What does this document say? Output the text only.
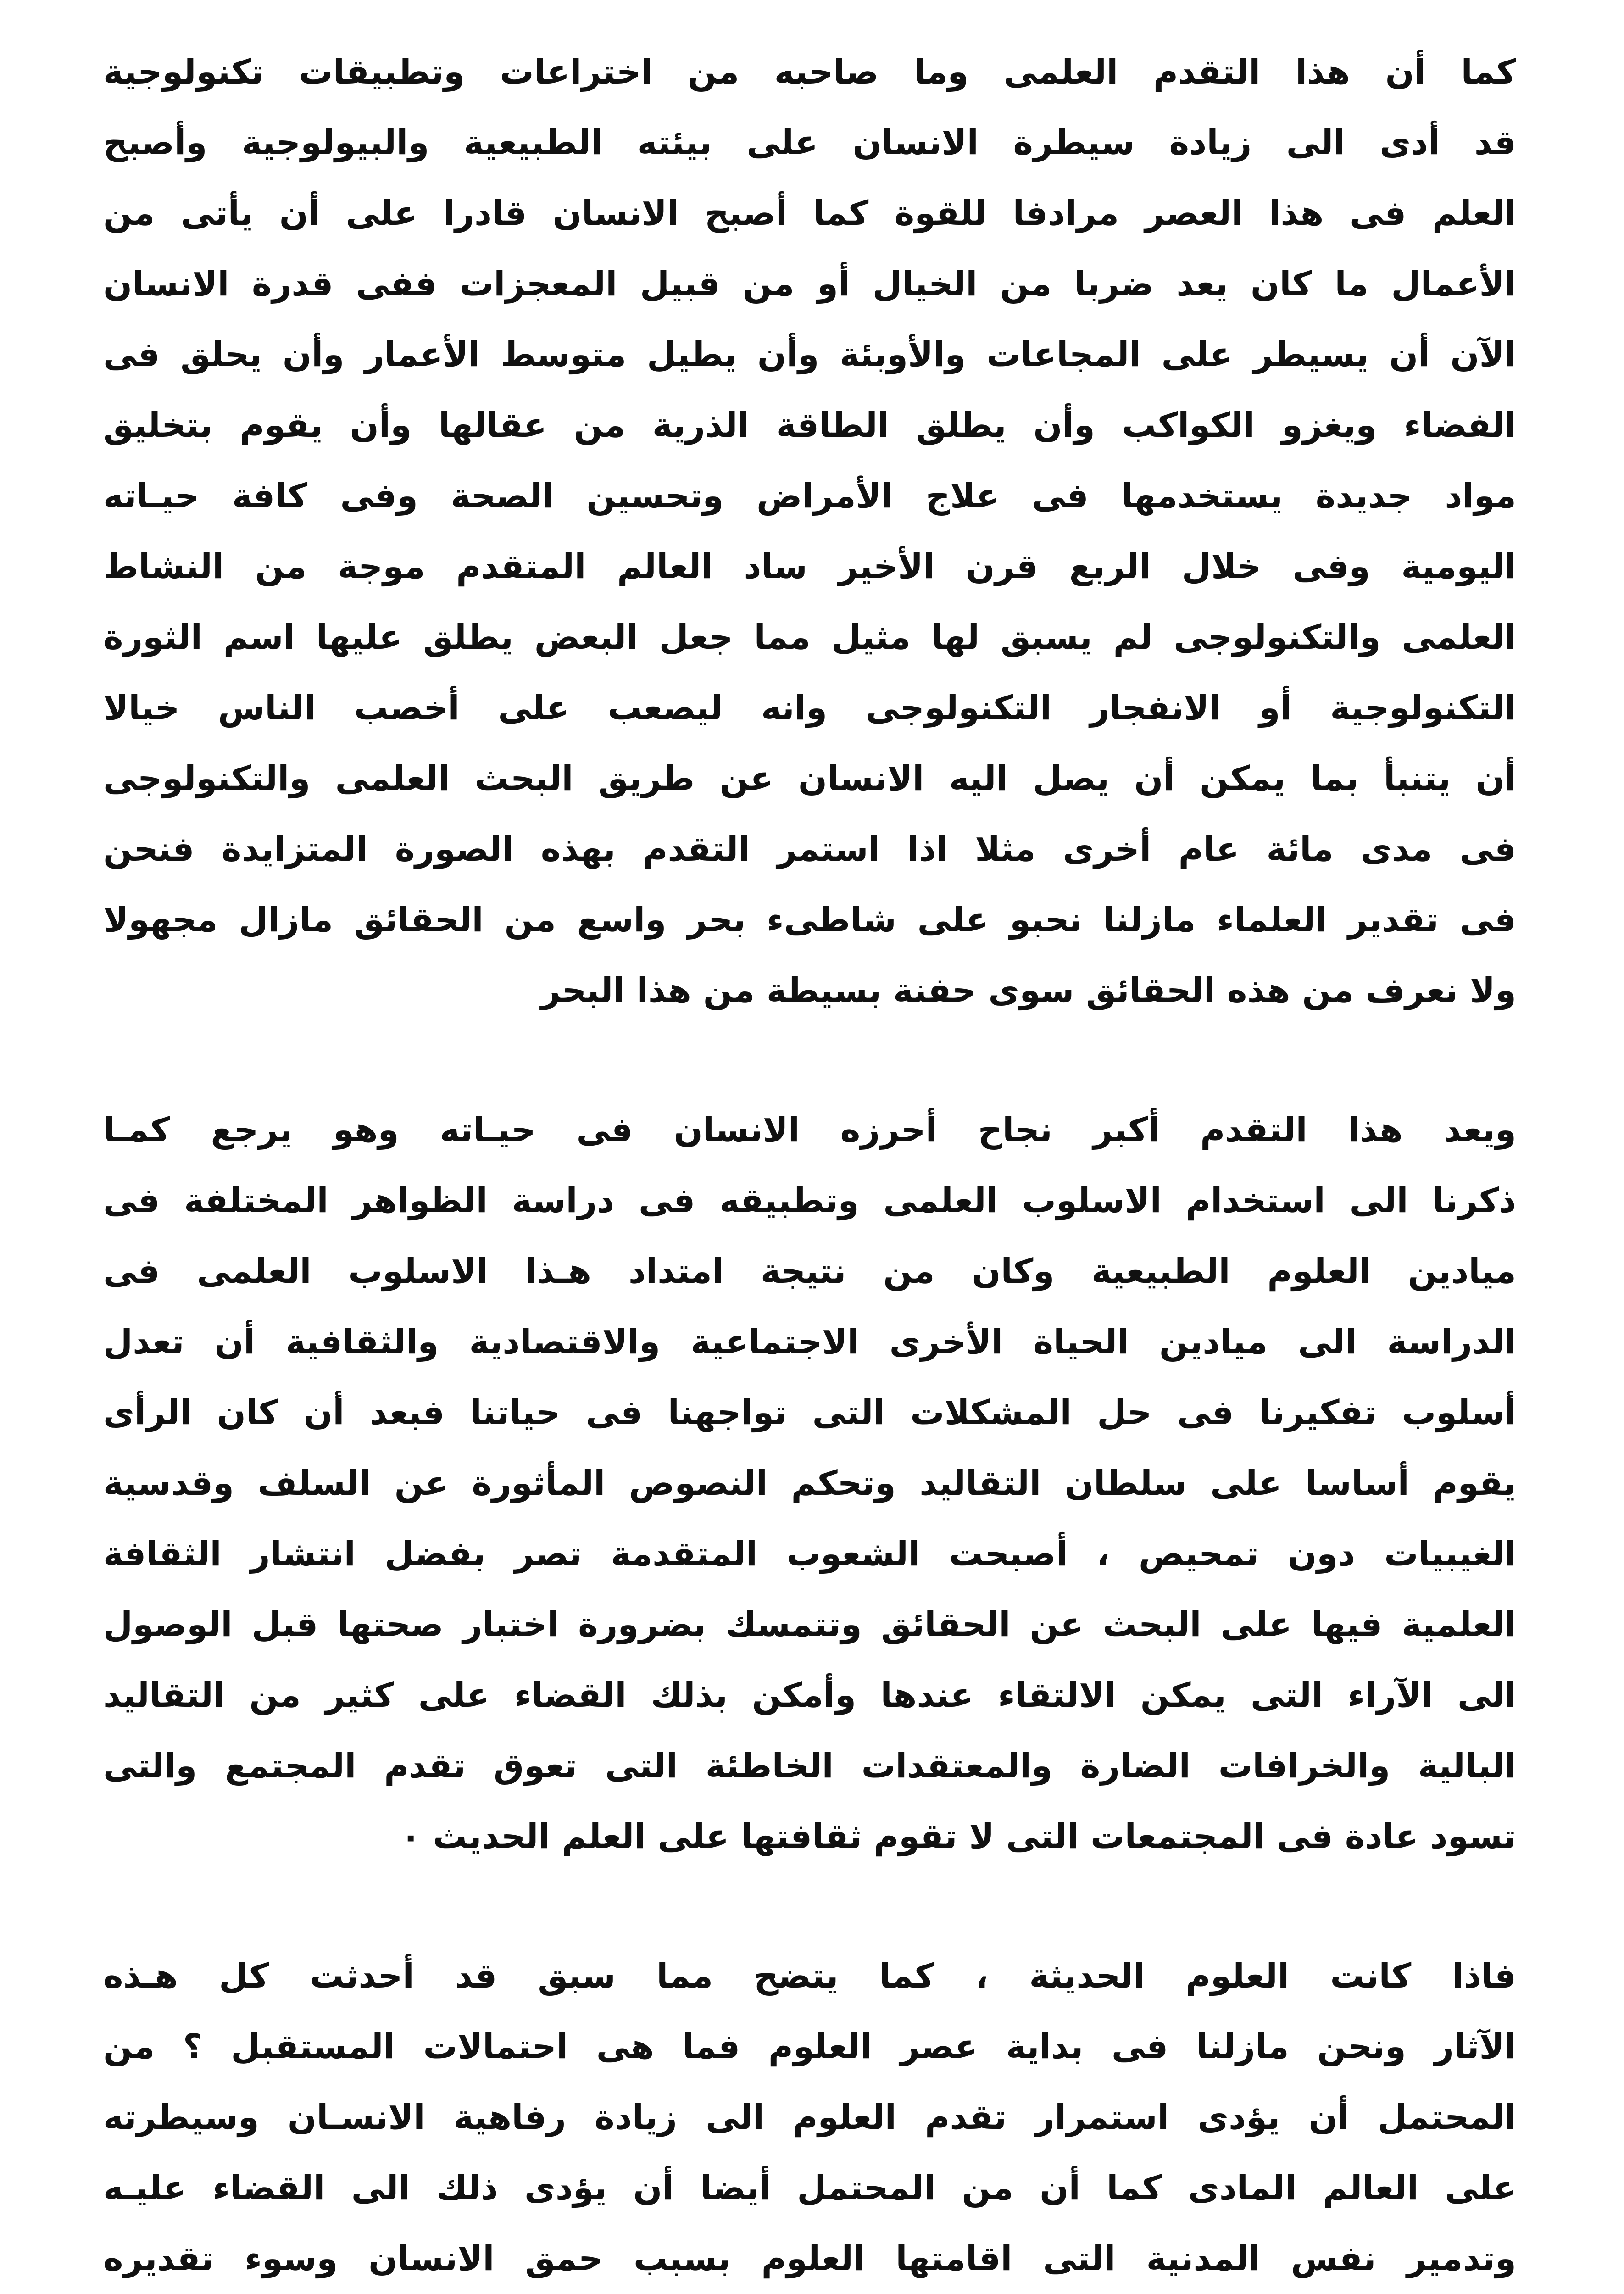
كما أن هذا التقدم العلمى وما صاحبه من اختراعات وتطبيقات تكنولوجية
قد أدى الى زيادة سيطرة الانسان على بيئته الطبيعية والبيولوجية وأصبح
العلم فى هذا العصر مرادفا للقوة كما أصبح الانسان قادرا على أن يأتى من
الأعمال ما كان يعد ضربا من الخيال أو من قبيل المعجزات ففى قدرة الانسان
الآن أن يسيطر على المجاعات والأوبئة وأن يطيل متوسط الأعمار وأن يحلق فى
الفضاء ويغزو الكواكب وأن يطلق الطاقة الذرية من عقالها وأن يقوم بتخليق
مواد جديدة يستخدمها فى علاج الأمراض وتحسين الصحة وفى كافة حيـاته
اليومية وفى خلال الربع قرن الأخير ساد العالم المتقدم موجة من النشاط
العلمى والتكنولوجى لم يسبق لها مثيل مما جعل البعض يطلق عليها اسم الثورة
التكنولوجية أو الانفجار التكنولوجى وانه ليصعب على أخصب الناس خيالا
أن يتنبأ بما يمكن أن يصل اليه الانسان عن طريق البحث العلمى والتكنولوجى
فى مدى مائة عام أخرى مثلا اذا استمر التقدم بهذه الصورة المتزايدة فنحن
فى تقدير العلماء مازلنا نحبو على شاطىء بحر واسع من الحقائق مازال مجهولا
ولا نعرف من هذه الحقائق سوى حفنة بسيطة من هذا البحر
ويعد هذا التقدم أكبر نجاح أحرزه الانسان فى حيـاته وهو يرجع كمـا
ذكرنا الى استخدام الاسلوب العلمى وتطبيقه فى دراسة الظواهر المختلفة فى
ميادين العلوم الطبيعية وكان من نتيجة امتداد هـذا الاسلوب العلمى فى
الدراسة الى ميادين الحياة الأخرى الاجتماعية والاقتصادية والثقافية أن تعدل
أسلوب تفكيرنا فى حل المشكلات التى تواجهنا فى حياتنا فبعد أن كان الرأى
يقوم أساسا على سلطان التقاليد وتحكم النصوص المأثورة عن السلف وقدسية
الغيبيات دون تمحيص ، أصبحت الشعوب المتقدمة تصر بفضل انتشار الثقافة
العلمية فيها على البحث عن الحقائق وتتمسك بضرورة اختبار صحتها قبل الوصول
الى الآراء التى يمكن الالتقاء عندها وأمكن بذلك القضاء على كثير من التقاليد
البالية والخرافات الضارة والمعتقدات الخاطئة التى تعوق تقدم المجتمع والتى
تسود عادة فى المجتمعات التى لا تقوم ثقافتها على العلم الحديث ٠
فاذا كانت العلوم الحديثة ، كما يتضح مما سبق قد أحدثت كل هـذه
الآثار ونحن مازلنا فى بداية عصر العلوم فما هى احتمالات المستقبل ؟ من
المحتمل أن يؤدى استمرار تقدم العلوم الى زيادة رفاهية الانسـان وسيطرته
على العالم المادى كما أن من المحتمل أيضا أن يؤدى ذلك الى القضاء عليـه
وتدمير نفس المدنية التى اقامتها العلوم بسبب حمق الانسان وسوء تقديره
